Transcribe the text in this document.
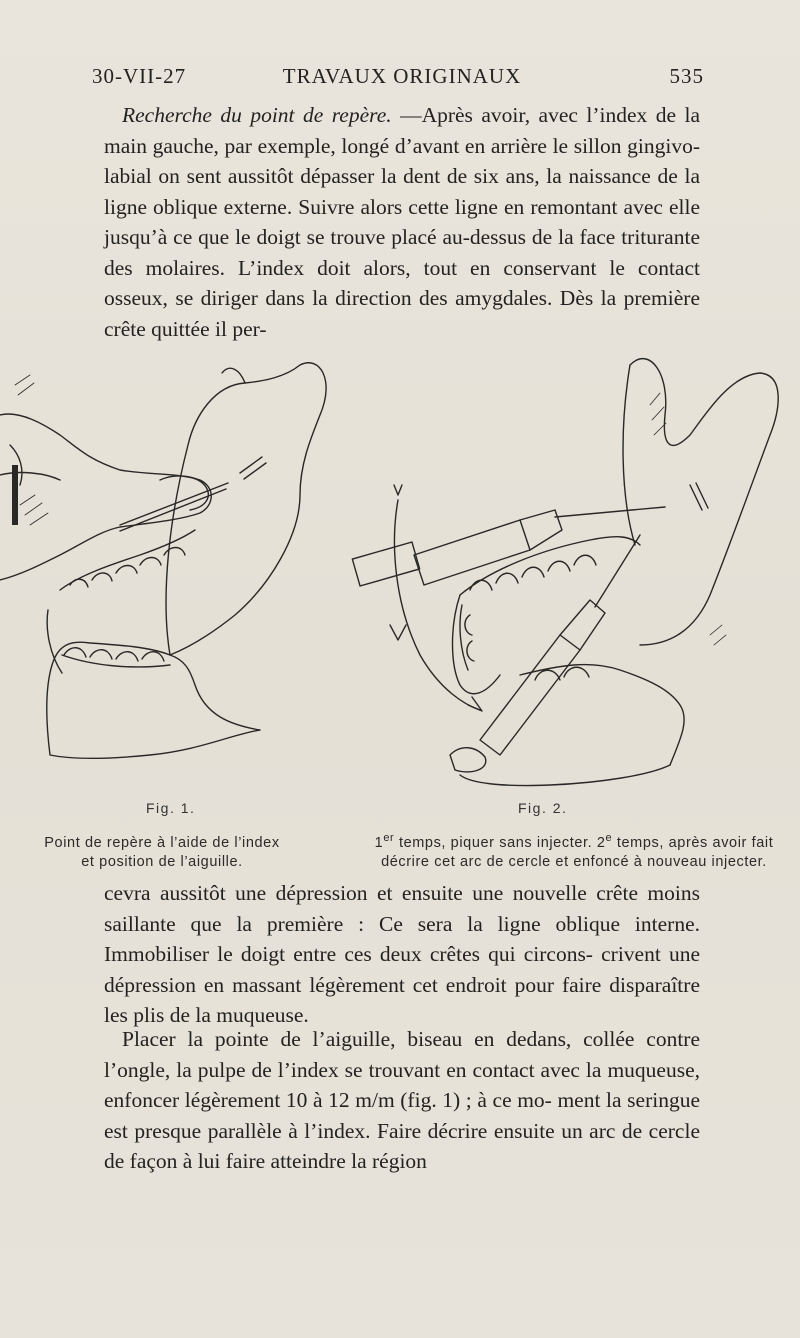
30-VII-27	TRAVAUX ORIGINAUX	535

Recherche du point de repère. —Après avoir, avec l’index de la main gauche, par exemple, longé d’avant en arrière le sillon gingivo-labial on sent aussitôt dépasser la dent de six ans, la naissance de la ligne oblique externe. Suivre alors cette ligne en remontant avec elle jusqu’à ce que le doigt se trouve placé au-dessus de la face triturante des molaires. L’index doit alors, tout en conservant le contact osseux, se diriger dans la direction des amygdales. Dès la première crête quittée il per-

Fig. 1.
Point de repère à l’aide de l’index
et position de l’aiguille.
Fig. 2.
1er temps, piquer sans injecter. 2e temps, après avoir fait
décrire cet arc de cercle et enfoncé à nouveau injecter.

cevra aussitôt une dépression et ensuite une nouvelle crête moins saillante que la première : Ce sera la ligne oblique interne. Immobiliser le doigt entre ces deux crêtes qui circons- crivent une dépression en massant légèrement cet endroit pour faire disparaître les plis de la muqueuse.

Placer la pointe de l’aiguille, biseau en dedans, collée contre l’ongle, la pulpe de l’index se trouvant en contact avec la muqueuse, enfoncer légèrement 10 à 12 m/m (fig. 1) ; à ce mo- ment la seringue est presque parallèle à l’index. Faire décrire ensuite un arc de cercle de façon à lui faire atteindre la région
